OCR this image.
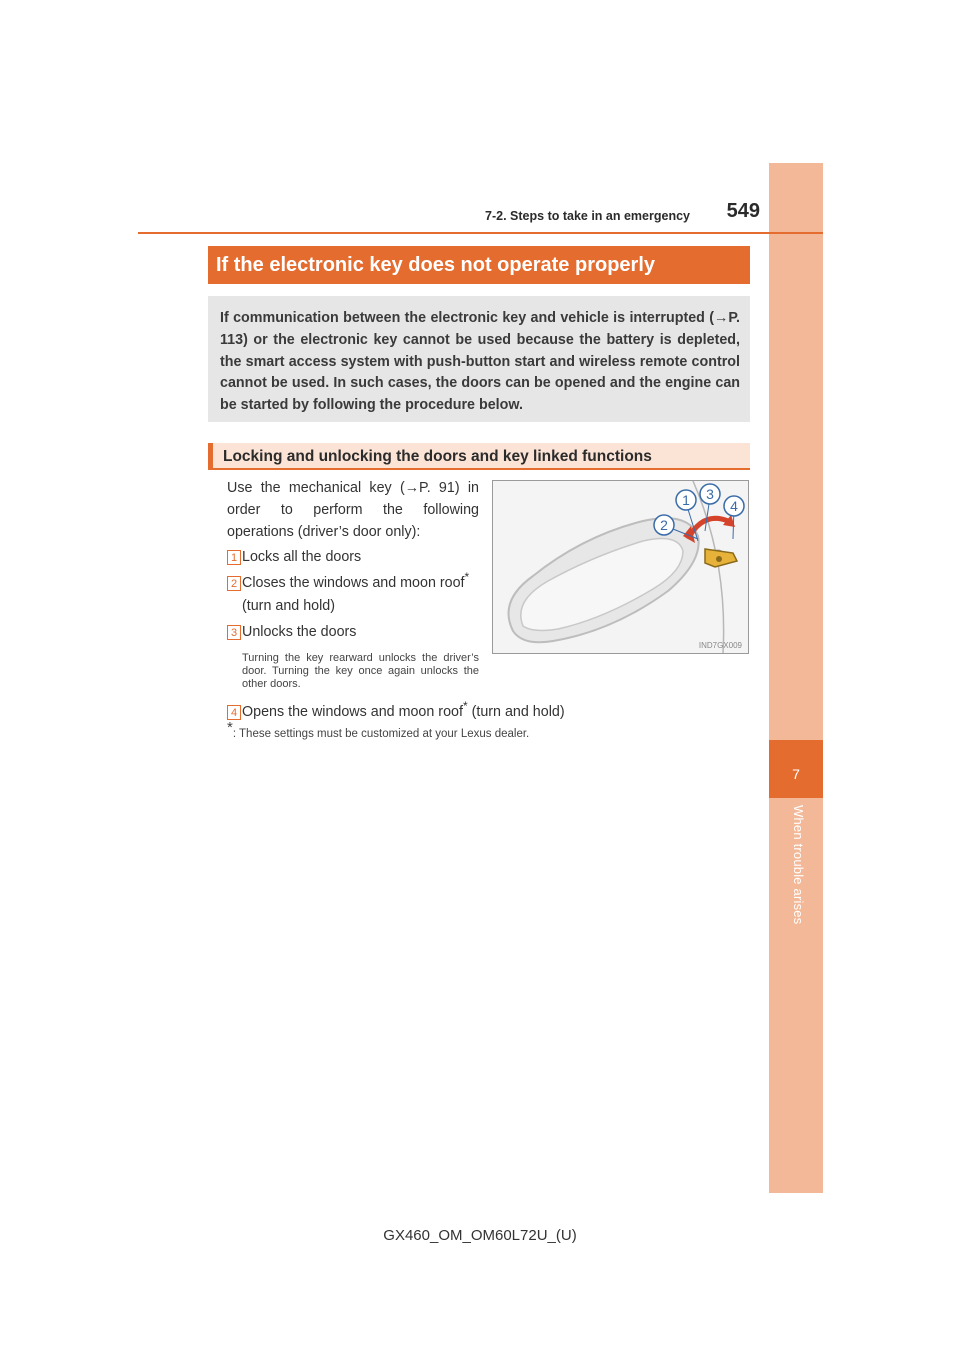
7
When trouble arises
7-2. Steps to take in an emergency	549
If the electronic key does not operate properly

If communication between the electronic key and vehicle is interrupted (→P. 113) or the electronic key cannot be used because the battery is depleted, the smart access system with push-button start and wireless remote control cannot be used. In such cases, the doors can be opened and the engine can be started by following the procedure below.

Locking and unlocking the doors and key linked functions
Use the mechanical key (→P. 91) in order to perform the following operations (driver’s door only):
1 Locks all the doors
2 Closes the windows and moon roof*
(turn and hold)
3 Unlocks the doors
Turning the key rearward unlocks the driver’s door. Turning the key once again unlocks the other doors.
4 Opens the windows and moon roof* (turn and hold)
*: These settings must be customized at your Lexus dealer.
1 3
4
2
IND7GX009
GX460_OM_OM60L72U_(U)
